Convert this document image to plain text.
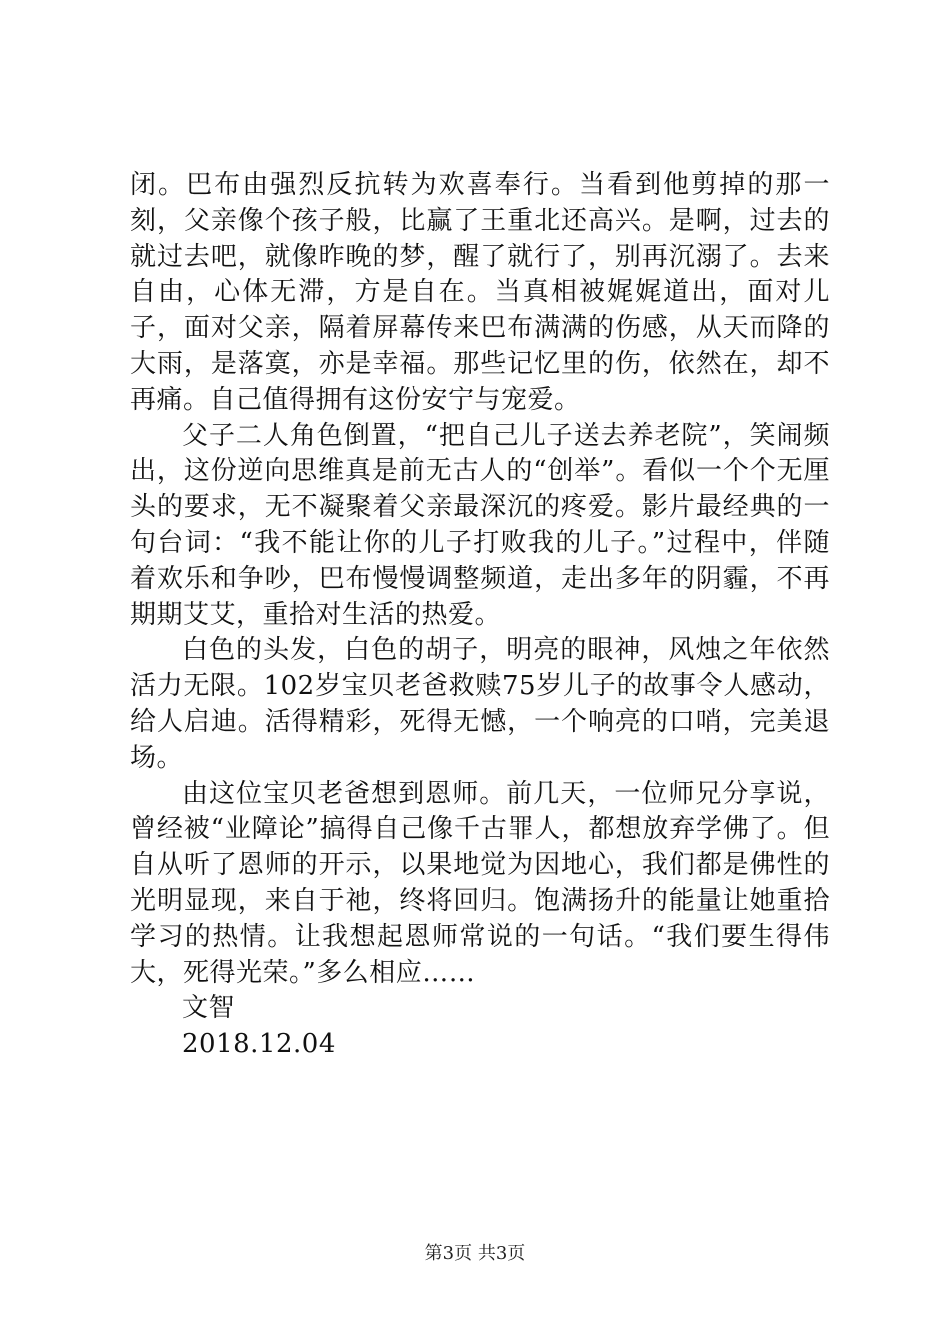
闭。巴布由强烈反抗转为欢喜奉行。当看到他剪掉的那一刻，父亲像个孩子般，比赢了王重北还高兴。是啊，过去的就过去吧，就像昨晚的梦，醒了就行了，别再沉溺了。去来自由，心体无滞，方是自在。当真相被娓娓道出，面对儿子，面对父亲，隔着屏幕传来巴布满满的伤感，从天而降的大雨，是落寞，亦是幸福。那些记忆里的伤，依然在，却不再痛。自己值得拥有这份安宁与宠爱。

父子二人角色倒置，“把自己儿子送去养老院”，笑闹频出，这份逆向思维真是前无古人的“创举”。看似一个个无厘头的要求，无不凝聚着父亲最深沉的疼爱。影片最经典的一句台词：“我不能让你的儿子打败我的儿子。”过程中，伴随着欢乐和争吵，巴布慢慢调整频道，走出多年的阴霾，不再期期艾艾，重拾对生活的热爱。

白色的头发，白色的胡子，明亮的眼神，风烛之年依然活力无限。102岁宝贝老爸救赎75岁儿子的故事令人感动，给人启迪。活得精彩，死得无憾，一个响亮的口哨，完美退场。

由这位宝贝老爸想到恩师。前几天，一位师兄分享说，曾经被“业障论”搞得自己像千古罪人，都想放弃学佛了。但自从听了恩师的开示，以果地觉为因地心，我们都是佛性的光明显现，来自于祂，终将回归。饱满扬升的能量让她重拾学习的热情。让我想起恩师常说的一句话。“我们要生得伟大，死得光荣。”多么相应……

文智

2018.12.04

第3页 共3页
